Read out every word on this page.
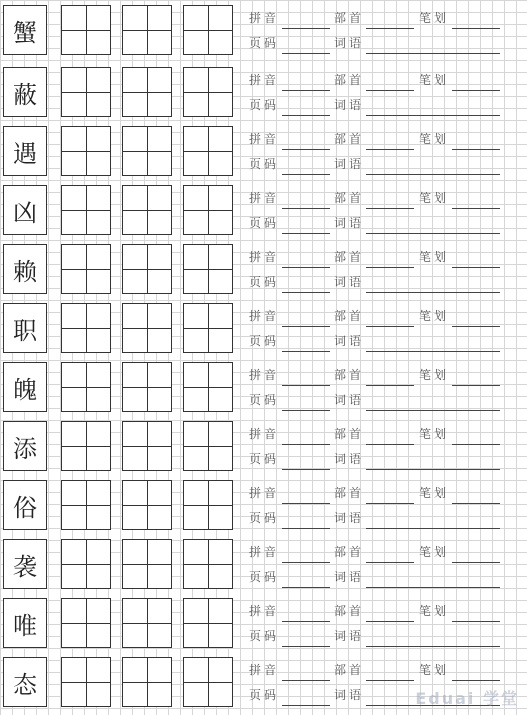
蟹
拼音	部首	笔划
页码	词语
蔽
拼音	部首	笔划
页码	词语
遇
拼音	部首	笔划
页码	词语
凶
拼音	部首	笔划
页码	词语
赖
拼音	部首	笔划
页码	词语
职
拼音	部首	笔划
页码	词语
魄
拼音	部首	笔划
页码	词语
添
拼音	部首	笔划
页码	词语
俗
拼音	部首	笔划
页码	词语
袭
拼音	部首	笔划
页码	词语
唯
拼音	部首	笔划
页码	词语
态
拼音	部首	笔划
页码	词语	Eduai 学堂
